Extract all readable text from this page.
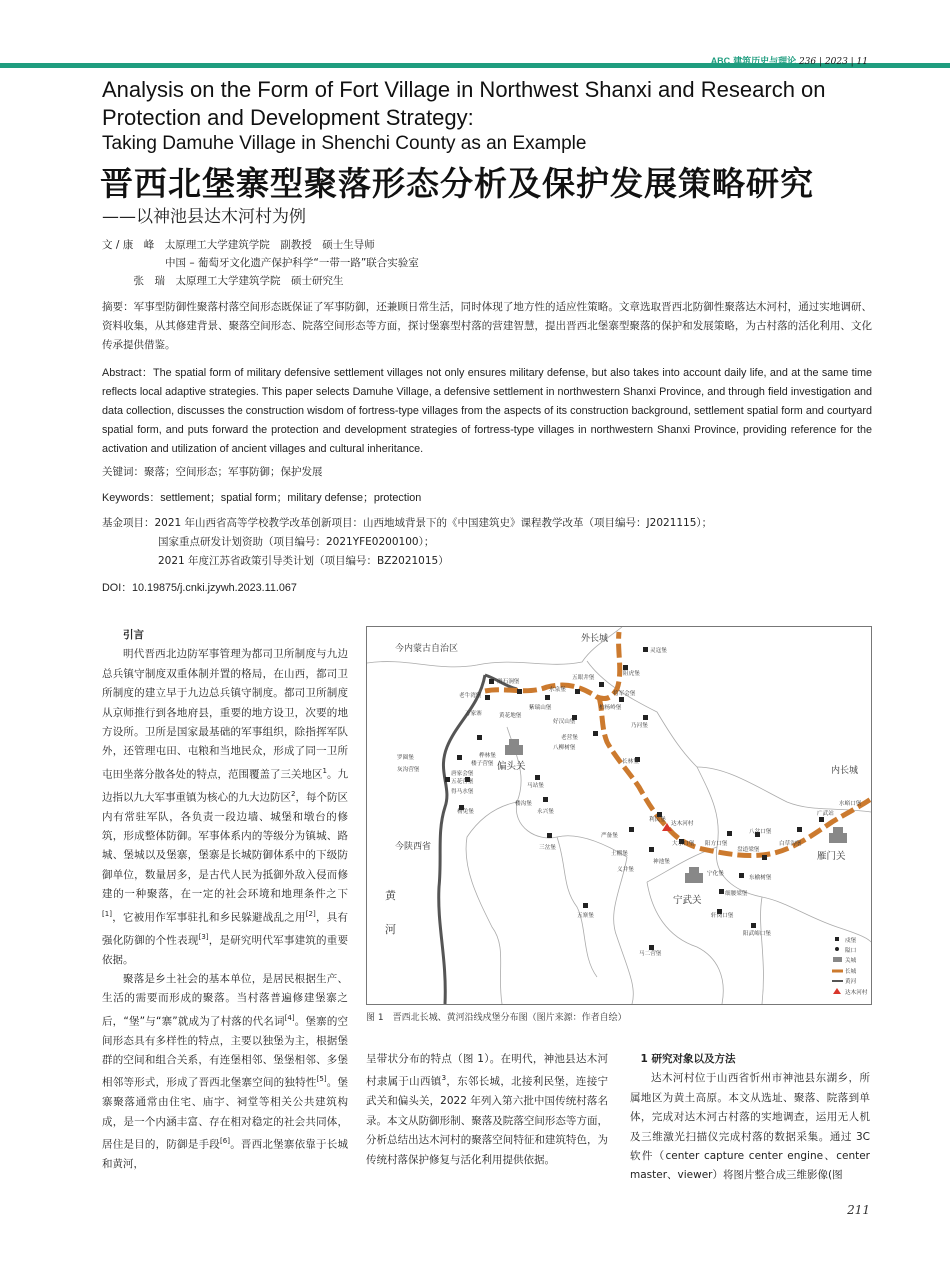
ABC 建筑历史与理论 236 | 2023 | 11
Analysis on the Form of Fort Village in Northwest Shanxi and Research on
Protection and Development Strategy:
Taking Damuhe Village in Shenchi County as an Example
晋西北堡寨型聚落形态分析及保护发展策略研究
——以神池县达木河村为例
文 / 康　峰　太原理工大学建筑学院　副教授　硕士生导师
　　　　　　中国 – 葡萄牙文化遗产保护科学“一带一路”联合实验室
　　　张　瑞　太原理工大学建筑学院　硕士研究生
摘要：军事型防御性聚落村落空间形态既保证了军事防御，还兼顾日常生活，同时体现了地方性的适应性策略。文章选取晋西北防御性聚落达木河村，通过实地调研、资料收集，从其修建背景、聚落空间形态、院落空间形态等方面，探讨堡寨型村落的营建智慧，提出晋西北堡寨型聚落的保护和发展策略，为古村落的活化利用、文化传承提供借鉴。
Abstract：The spatial form of military defensive settlement villages not only ensures military defense, but also takes into account daily life, and at the same time reflects local adaptive strategies. This paper selects Damuhe Village, a defensive settlement in northwestern Shanxi Province, and through field investigation and data collection, discusses the construction wisdom of fortress-type villages from the aspects of its construction background, settlement spatial form and courtyard spatial form, and puts forward the protection and development strategies of fortress-type villages in northwestern Shanxi Province, providing reference for the activation and utilization of ancient villages and cultural inheritance.
关键词：聚落；空间形态；军事防御；保护发展
Keywords：settlement；spatial form；military defense；protection
基金项目：2021 年山西省高等学校教学改革创新项目：山西地域背景下的《中国建筑史》课程教学改革（项目编号：J2021115）；
国家重点研发计划资助（项目编号：2021YFE0200100）；
2021 年度江苏省政策引导类计划（项目编号：BZ2021015）
DOI：10.19875/j.cnki.jzywh.2023.11.067
引言

明代晋西北边防军事管理为都司卫所制度与九边总兵镇守制度双重体制并置的格局，在山西，都司卫所制度的建立早于九边总兵镇守制度。都司卫所制度从京师推行到各地府县，重要的地方设卫，次要的地方设所。卫所是国家最基础的军事组织，除指挥军队外，还管理屯田、屯粮和当地民众，形成了同一卫所屯田坐落分散各处的特点，范围覆盖了三关地区$^1$。九边指以九大军事重镇为核心的九大边防区$^2$，每个防区内有常驻军队，各负责一段边墙、城堡和墩台的修筑，形成整体防御。军事体系内的等级分为镇城、路城、堡城以及堡寨，堡寨是长城防御体系中的下级防御单位，数量居多，是古代人民为抵御外敌入侵而修建的一种聚落，在一定的社会环境和地理条件之下[1]，它被用作军事驻扎和乡民躲避战乱之用[2]，具有强化防御的个性表现[3]，是研究明代军事建筑的重要依据。

聚落是乡土社会的基本单位，是居民根据生产、生活的需要而形成的聚落。当村落普遍修建堡寨之后，“堡”与“寨”就成为了村落的代名词[4]。堡寨的空间形态具有多样性的特点，主要以独堡为主，根据堡群的空间和组合关系，有连堡相邻、堡堡相邻、多堡相邻等形式，形成了晋西北堡寨空间的独特性[5]。堡寨聚落通常由住宅、庙宇、祠堂等相关公共建筑构成，是一个内涵丰富、存在相对稳定的社会共同体，居住是目的，防御是手段[6]。晋西北堡寨依靠于长城和黄河，

今内蒙古自治区
外长城
内长城
今陕西省
黄
河
偏头关
宁武关
雁门关
灵寇堡
阻虎堡
五眼井堡
将军会堡
乃河堡
滑石涧堡
水泉堡
老牛湾堡
万家寨
紫瑞山堡
黄花地堡
好汉山堡
柏杨岭堡
老营堡
八柳树堡
桦林堡
马站堡
长林堡
罗圈堡
灰沟营堡
楼子营堡
唐家会堡
五花营堡
得马水堡
杨免堡	永兴堡
楼沟堡
三岔堡
利民堡
达木河村
严备堡
土棚堡
义井堡
大水口堡 阳方口堡
八岔口堡
广武站
水峪口堡
白草沟堡
神池堡
盘道梁堡
宁化堡
东榆树堡
细腰梁堡
轩岗口堡
五寨堡
阳武峪口堡
马二营堡
戍堡
隘口
关城
长城
黄河
达木河村
图 1　晋西北长城、黄河沿线戍堡分布图（图片来源：作者自绘）

呈带状分布的特点（图 1）。在明代，神池县达木河村隶属于山西镇$^3$，东邻长城，北接利民堡，连接宁武关和偏头关，2022 年列入第六批中国传统村落名录。本文从防御形制、聚落及院落空间形态等方面，分析总结出达木河村的聚落空间特征和建筑特色，为传统村落保护修复与活化利用提供依据。

1 研究对象以及方法

达木河村位于山西省忻州市神池县东湖乡，所属地区为黄土高原。本文从选址、聚落、院落到单体，完成对达木河古村落的实地调查，运用无人机及三维激光扫描仪完成村落的数据采集。通过 3C 软件（center capture center engine、center master、viewer）将图片整合成三维影像(图

211
